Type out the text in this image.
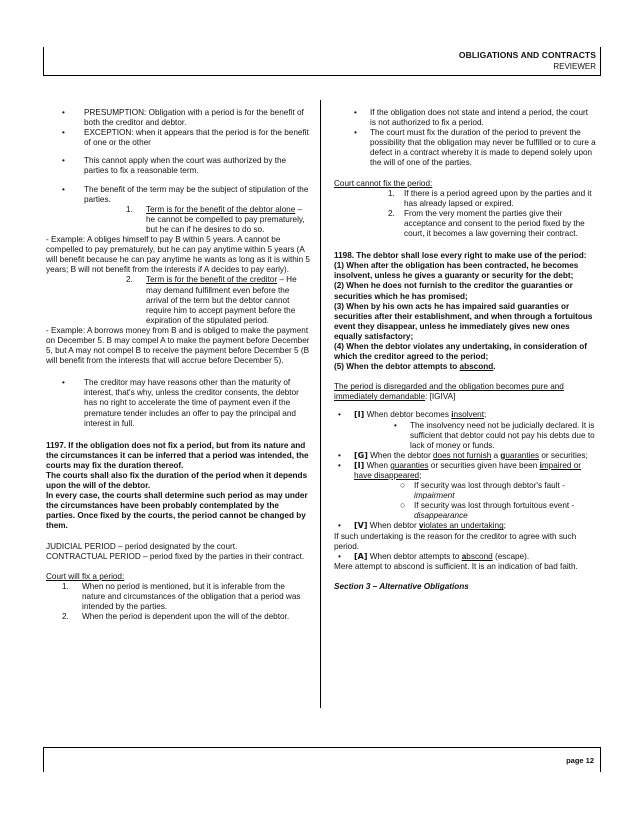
OBLIGATIONS AND CONTRACTS
REVIEWER

• PRESUMPTION: Obligation with a period is for the benefit of both the creditor and debtor.

• EXCEPTION: when it appears that the period is for the benefit of one or the other

• This cannot apply when the court was authorized by the parties to fix a reasonable term.

• The benefit of the term may be the subject of stipulation of the parties.

1. Term is for the benefit of the debtor alone – he cannot be compelled to pay prematurely, but he can if he desires to do so.

- Example: A obliges himself to pay B within 5 years. A cannot be compelled to pay prematurely, but he can pay anytime within 5 years (A will benefit because he can pay anytime he wants as long as it is within 5 years; B will not benefit from the interests if A decides to pay early).

2. Term is for the benefit of the creditor – He may demand fulfillment even before the arrival of the term but the debtor cannot require him to accept payment before the expiration of the stipulated period.

- Example: A borrows money from B and is obliged to make the payment on December 5. B may compel A to make the payment before December 5, but A may not compel B to receive the payment before December 5 (B will benefit from the interests that will accrue before December 5).

• The creditor may have reasons other than the maturity of interest, that's why, unless the creditor consents, the debtor has no right to accelerate the time of payment even if the premature tender includes an offer to pay the principal and interest in full.

1197. If the obligation does not fix a period, but from its nature and the circumstances it can be inferred that a period was intended, the courts may fix the duration thereof.

The courts shall also fix the duration of the period when it depends upon the will of the debtor.

In every case, the courts shall determine such period as may under the circumstances have been probably contemplated by the parties. Once fixed by the courts, the period cannot be changed by them.

JUDICIAL PERIOD – period designated by the court.

CONTRACTUAL PERIOD – period fixed by the parties in their contract.

Court will fix a period:

1. When no period is mentioned, but it is inferable from the nature and circumstances of the obligation that a period was intended by the parties.

2. When the period is dependent upon the will of the debtor.

• If the obligation does not state and intend a period, the court is not authorized to fix a period.

• The court must fix the duration of the period to prevent the possibility that the obligation may never be fulfilled or to cure a defect in a contract whereby it is made to depend solely upon the will of one of the parties.

Court cannot fix the period:

1. If there is a period agreed upon by the parties and it has already lapsed or expired.

2. From the very moment the parties give their acceptance and consent to the period fixed by the court, it becomes a law governing their contract.

1198. The debtor shall lose every right to make use of the period:

(1) When after the obligation has been contracted, he becomes insolvent, unless he gives a guaranty or security for the debt;

(2) When he does not furnish to the creditor the guaranties or securities which he has promised;

(3) When by his own acts he has impaired said guaranties or securities after their establishment, and when through a fortuitous event they disappear, unless he immediately gives new ones equally satisfactory;

(4) When the debtor violates any undertaking, in consideration of which the creditor agreed to the period;

(5) When the debtor attempts to abscond.

The period is disregarded and the obligation becomes pure and immediately demandable: [IGIVA]

• [I] When debtor becomes insolvent;

• The insolvency need not be judicially declared. It is sufficient that debtor could not pay his debts due to lack of money or funds.

• [G] When the debtor does not furnish a guaranties or securities;

• [I] When guaranties or securities given have been impaired or have disappeared;

○ If security was lost through debtor's fault - impairment

○ If security was lost through fortuitous event - disappearance

• [V] When debtor violates an undertaking;

If such undertaking is the reason for the creditor to agree with such period.

• [A] When debtor attempts to abscond (escape).

Mere attempt to abscond is sufficient. It is an indication of bad faith.

Section 3 – Alternative Obligations

page 12
